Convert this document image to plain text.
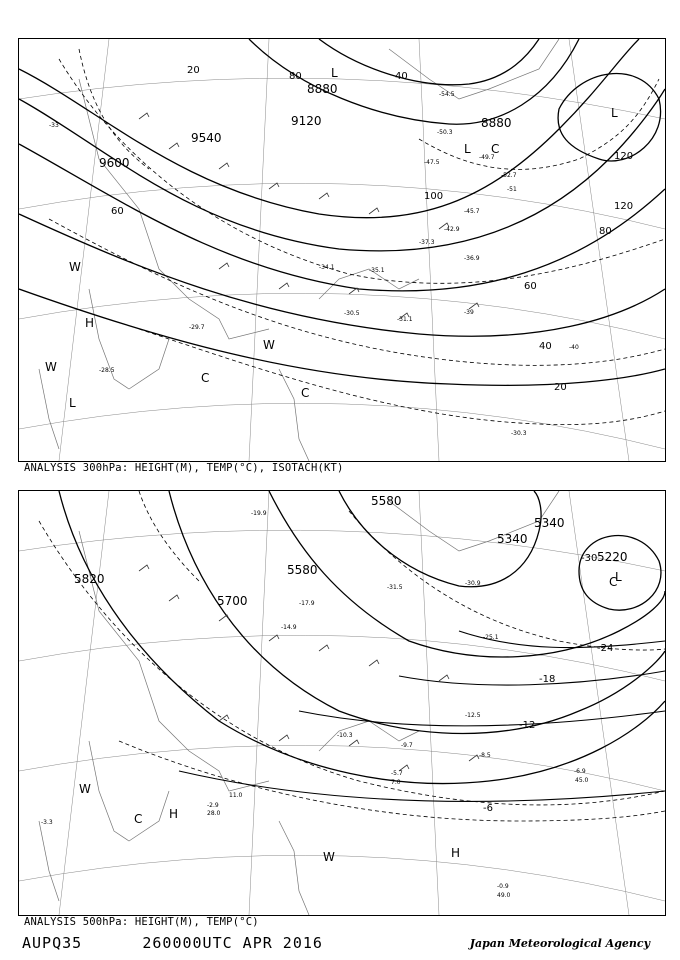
9600
9540
9120
8880
8880
20
40
60
80
100
120
20
40
60
80
120
H
L
L
L
L
C
C
C
W
W
W
-50.3
-47.5
-45.7
-51
-42.9
-37.3
-35.1
-34.1
-31.1
-30.3
-28.5
-29.7
-33
-39
-49.7
-54.5
-52.7
-40
-36.9
-30.5
ANALYSIS 300hPa: HEIGHT(M), TEMP(°C), ISOTACH(KT)
5820
5700
5580
5580
5340
5340
5220
-30
-24
-18
-12
-6
H
H
L
C
C
W
W
-19.9
-17.9
-14.9
-10.3
-8.5
-6.9
-5.7
-3.3
-2.9
-9.7
-12.5
-25.1
-30.9
-31.5
-0.9
49.0
45.0
28.0
11.0
7.0
ANALYSIS 500hPa: HEIGHT(M), TEMP(°C)
AUPQ35	260000UTC APR 2016	Japan Meteorological Agency
